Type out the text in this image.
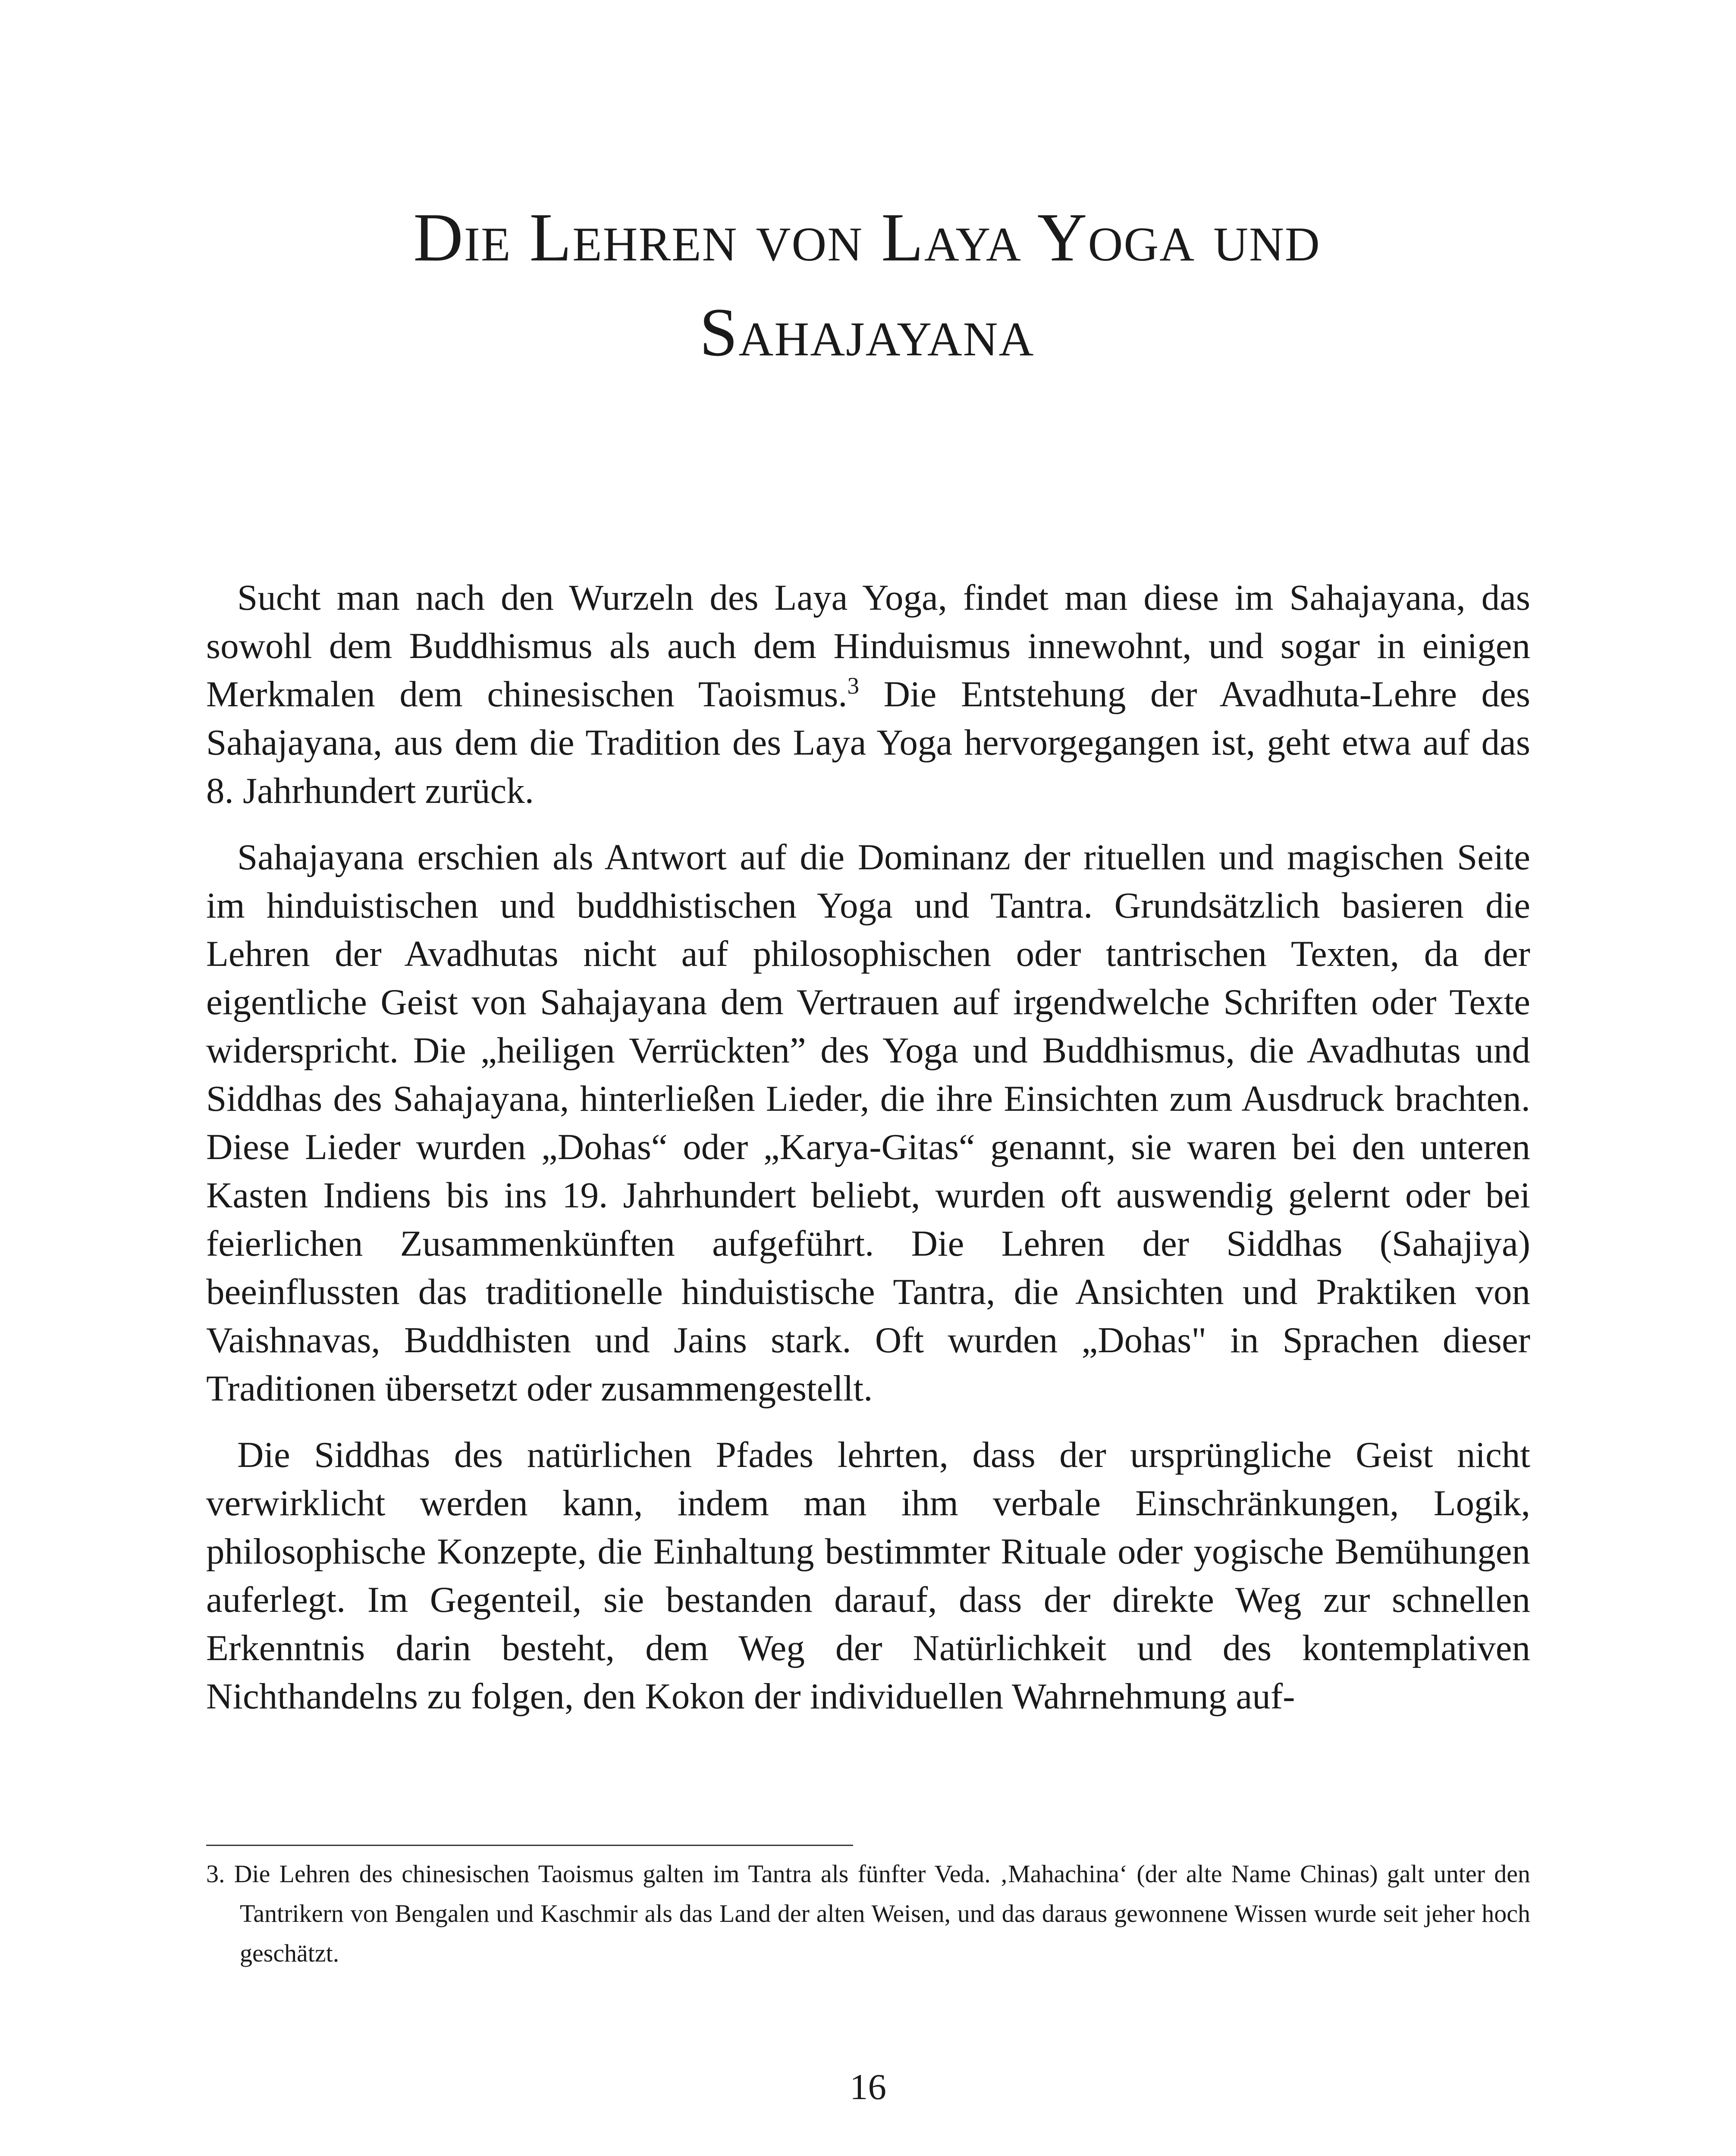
Die Lehren von Laya Yoga und
Sahajayana

Sucht man nach den Wurzeln des Laya Yoga, findet man diese im Sahajayana, das sowohl dem Buddhismus als auch dem Hinduismus innewohnt, und sogar in einigen Merkmalen dem chinesischen Taoismus.$^3$ Die Entstehung der Avadhuta-Lehre des Sahajayana, aus dem die Tradition des Laya Yoga hervorgegangen ist, geht etwa auf das 8. Jahrhundert zurück.

Sahajayana erschien als Antwort auf die Dominanz der rituellen und magischen Seite im hinduistischen und buddhistischen Yoga und Tantra. Grundsätzlich basieren die Lehren der Avadhutas nicht auf philosophischen oder tantrischen Texten, da der eigentliche Geist von Sahajayana dem Vertrauen auf irgendwelche Schriften oder Texte widerspricht. Die „heiligen Verrückten” des Yoga und Buddhismus, die Avadhutas und Siddhas des Sahajayana, hinterließen Lieder, die ihre Einsichten zum Ausdruck brachten. Diese Lieder wurden „Dohas“ oder „Karya-Gitas“ genannt, sie waren bei den unteren Kasten Indiens bis ins 19. Jahrhundert beliebt, wurden oft auswendig gelernt oder bei feierlichen Zusammenkünften aufgeführt. Die Lehren der Siddhas (Sahajiya) beeinflussten das traditionelle hinduistische Tantra, die Ansichten und Praktiken von Vaishnavas, Buddhisten und Jains stark. Oft wurden „Dohas" in Sprachen dieser Traditionen übersetzt oder zusammengestellt.

Die Siddhas des natürlichen Pfades lehrten, dass der ursprüngliche Geist nicht verwirklicht werden kann, indem man ihm verbale Einschränkungen, Logik, philosophische Konzepte, die Einhaltung bestimmter Rituale oder yogische Bemühungen auferlegt. Im Gegenteil, sie bestanden darauf, dass der direkte Weg zur schnellen Erkenntnis darin besteht, dem Weg der Natürlichkeit und des kontemplativen Nichthandelns zu folgen, den Kokon der individuellen Wahrnehmung auf-

3. Die Lehren des chinesischen Taoismus galten im Tantra als fünfter Veda. ‚Mahachina‘ (der alte Name Chinas) galt unter den Tantrikern von Bengalen und Kaschmir als das Land der alten Weisen, und das daraus gewonnene Wissen wurde seit jeher hoch geschätzt.
16
